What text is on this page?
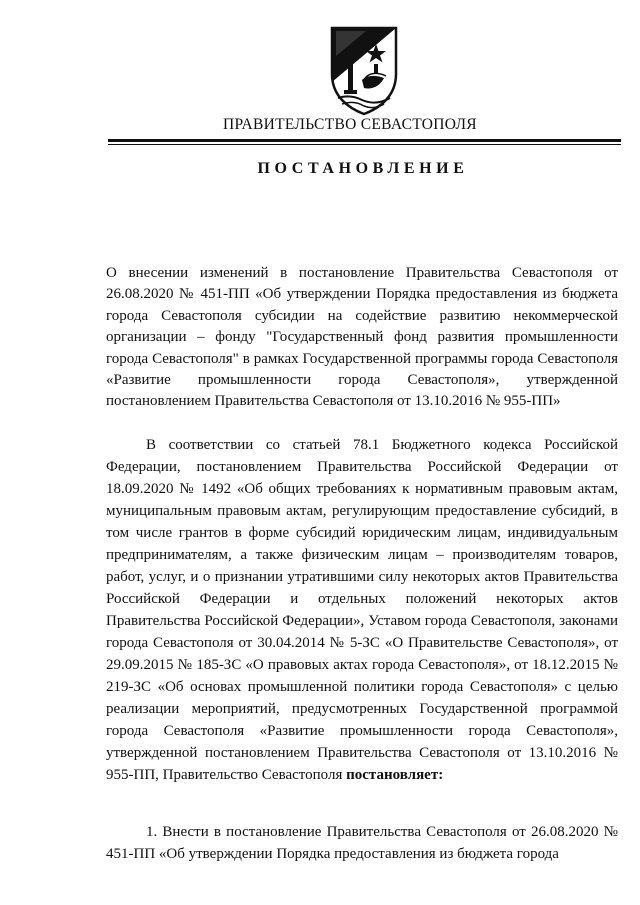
ПРАВИТЕЛЬСТВО СЕВАСТОПОЛЯ
ПОСТАНОВЛЕНИЕ
О внесении изменений в постановление Правительства Севастополя от 26.08.2020 № 451-ПП «Об утверждении Порядка предоставления из бюджета города Севастополя субсидии на содействие развитию некоммерческой организации – фонду "Государственный фонд развития промышленности города Севастополя" в рамках Государственной программы города Севастополя «Развитие промышленности города Севастополя», утвержденной постановлением Правительства Севастополя от 13.10.2016 № 955-ПП»
В соответствии со статьей 78.1 Бюджетного кодекса Российской Федерации, постановлением Правительства Российской Федерации от 18.09.2020 № 1492 «Об общих требованиях к нормативным правовым актам, муниципальным правовым актам, регулирующим предоставление субсидий, в том числе грантов в форме субсидий юридическим лицам, индивидуальным предпринимателям, а также физическим лицам – производителям товаров, работ, услуг, и о признании утратившими силу некоторых актов Правительства Российской Федерации и отдельных положений некоторых актов Правительства Российской Федерации», Уставом города Севастополя, законами города Севастополя от 30.04.2014 № 5-ЗС «О Правительстве Севастополя», от 29.09.2015 № 185-ЗС «О правовых актах города Севастополя», от 18.12.2015 № 219-ЗС «Об основах промышленной политики города Севастополя» с целью реализации мероприятий, предусмотренных Государственной программой города Севастополя «Развитие промышленности города Севастополя», утвержденной постановлением Правительства Севастополя от 13.10.2016 № 955-ПП, Правительство Севастополя постановляет:
1. Внести в постановление Правительства Севастополя от 26.08.2020 № 451-ПП «Об утверждении Порядка предоставления из бюджета города
